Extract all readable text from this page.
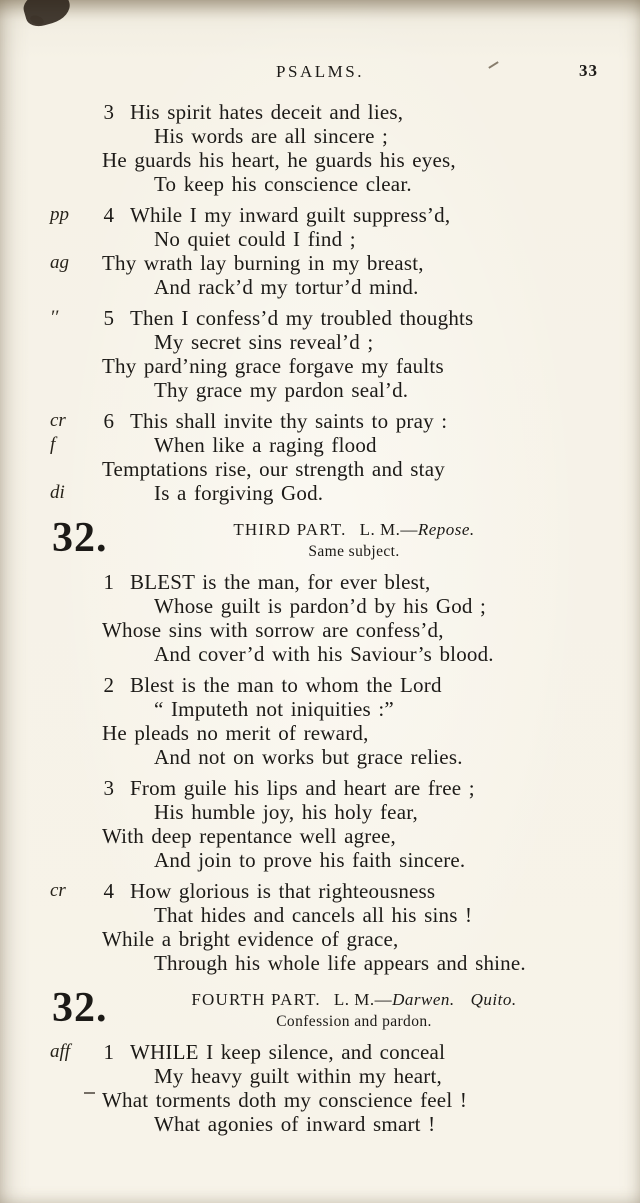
PSALMS.	33
3 His spirit hates deceit and lies,
His words are all sincere ;
He guards his heart, he guards his eyes,
To keep his conscience clear.
pp	4 While I my inward guilt suppress’d,
No quiet could I find ;
ag	Thy wrath lay burning in my breast,
And rack’d my tortur’d mind.
′′	5 Then I confess’d my troubled thoughts
My secret sins reveal’d ;
Thy pard’ning grace forgave my faults
Thy grace my pardon seal’d.
cr	6 This shall invite thy saints to pray :
f	When like a raging flood
Temptations rise, our strength and stay
di	Is a forgiving God.
32.	THIRD PART. L. M.—Repose.
Same subject.
1 BLEST is the man, for ever blest,
Whose guilt is pardon’d by his God ;
Whose sins with sorrow are confess’d,
And cover’d with his Saviour’s blood.
2 Blest is the man to whom the Lord
“ Imputeth not iniquities :”
He pleads no merit of reward,
And not on works but grace relies.
3 From guile his lips and heart are free ;
His humble joy, his holy fear,
With deep repentance well agree,
And join to prove his faith sincere.
cr	4 How glorious is that righteousness
That hides and cancels all his sins !
While a bright evidence of grace,
Through his whole life appears and shine.
32.	FOURTH PART. L. M.—Darwen. Quito.
Confession and pardon.
aff	1 WHILE I keep silence, and conceal
My heavy guilt within my heart,
What torments doth my conscience feel !
What agonies of inward smart !
